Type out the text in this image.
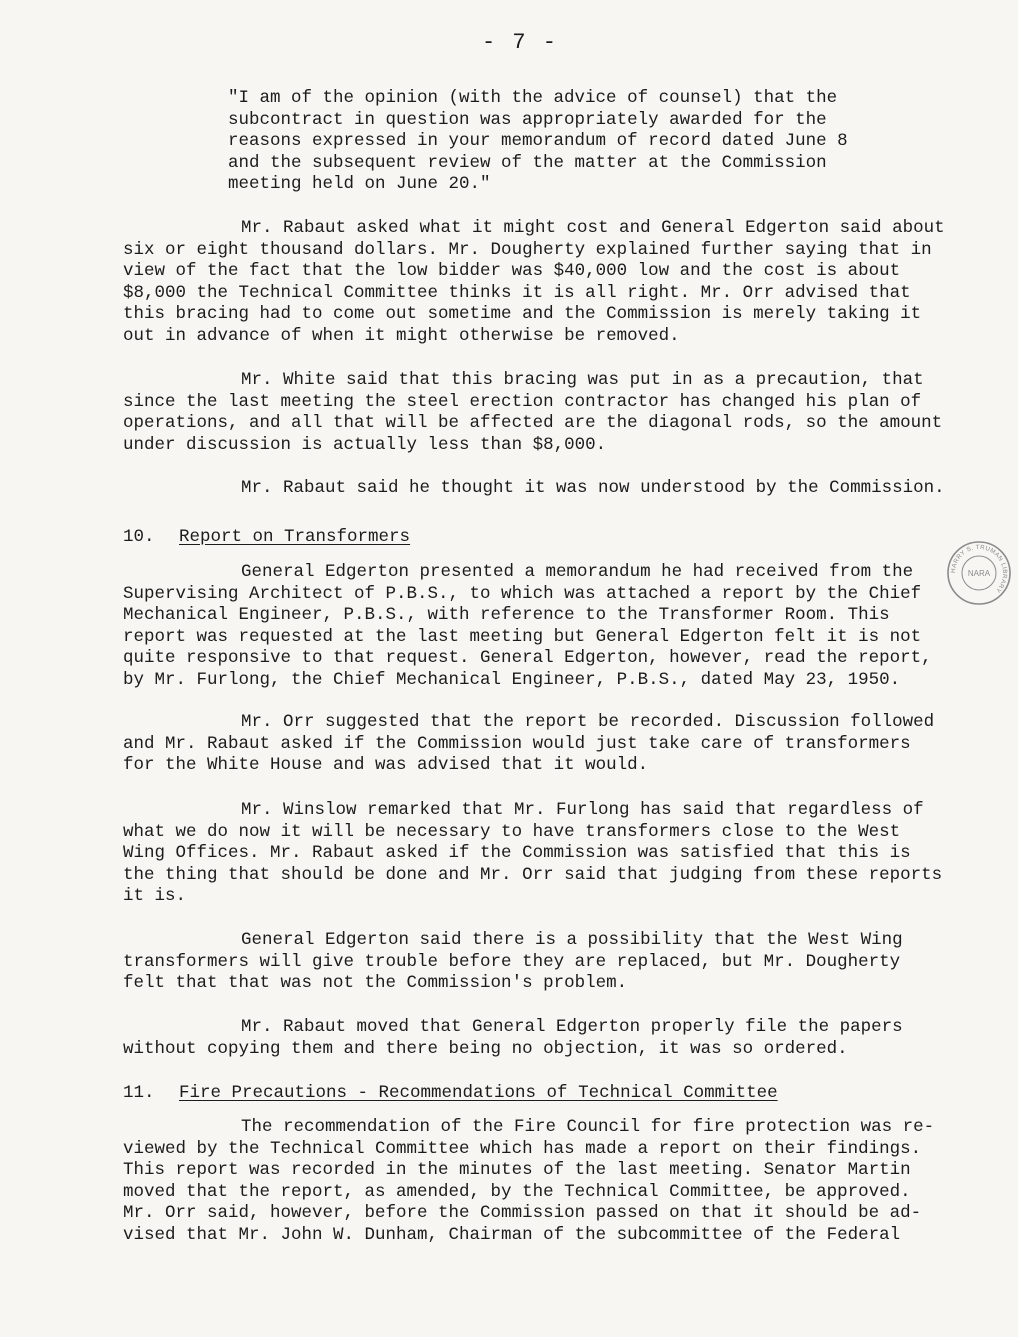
- 7 -
"I am of the opinion (with the advice of counsel) that the
subcontract in question was appropriately awarded for the
reasons expressed in your memorandum of record dated June 8
and the subsequent review of the matter at the Commission
meeting held on June 20."
Mr. Rabaut asked what it might cost and General Edgerton said about
six or eight thousand dollars. Mr. Dougherty explained further saying that in
view of the fact that the low bidder was $40,000 low and the cost is about
$8,000 the Technical Committee thinks it is all right. Mr. Orr advised that
this bracing had to come out sometime and the Commission is merely taking it
out in advance of when it might otherwise be removed.
Mr. White said that this bracing was put in as a precaution, that
since the last meeting the steel erection contractor has changed his plan of
operations, and all that will be affected are the diagonal rods, so the amount
under discussion is actually less than $8,000.
Mr. Rabaut said he thought it was now understood by the Commission.
10. Report on Transformers
General Edgerton presented a memorandum he had received from the
Supervising Architect of P.B.S., to which was attached a report by the Chief
Mechanical Engineer, P.B.S., with reference to the Transformer Room. This
report was requested at the last meeting but General Edgerton felt it is not
quite responsive to that request. General Edgerton, however, read the report,
by Mr. Furlong, the Chief Mechanical Engineer, P.B.S., dated May 23, 1950.
Mr. Orr suggested that the report be recorded. Discussion followed
and Mr. Rabaut asked if the Commission would just take care of transformers
for the White House and was advised that it would.
Mr. Winslow remarked that Mr. Furlong has said that regardless of
what we do now it will be necessary to have transformers close to the West
Wing Offices. Mr. Rabaut asked if the Commission was satisfied that this is
the thing that should be done and Mr. Orr said that judging from these reports
it is.
General Edgerton said there is a possibility that the West Wing
transformers will give trouble before they are replaced, but Mr. Dougherty
felt that that was not the Commission's problem.
Mr. Rabaut moved that General Edgerton properly file the papers
without copying them and there being no objection, it was so ordered.
11. Fire Precautions - Recommendations of Technical Committee
The recommendation of the Fire Council for fire protection was re-
viewed by the Technical Committee which has made a report on their findings.
This report was recorded in the minutes of the last meeting. Senator Martin
moved that the report, as amended, by the Technical Committee, be approved.
Mr. Orr said, however, before the Commission passed on that it should be ad-
vised that Mr. John W. Dunham, Chairman of the subcommittee of the Federal
HARRY S. TRUMAN LIBRARY
NARA
